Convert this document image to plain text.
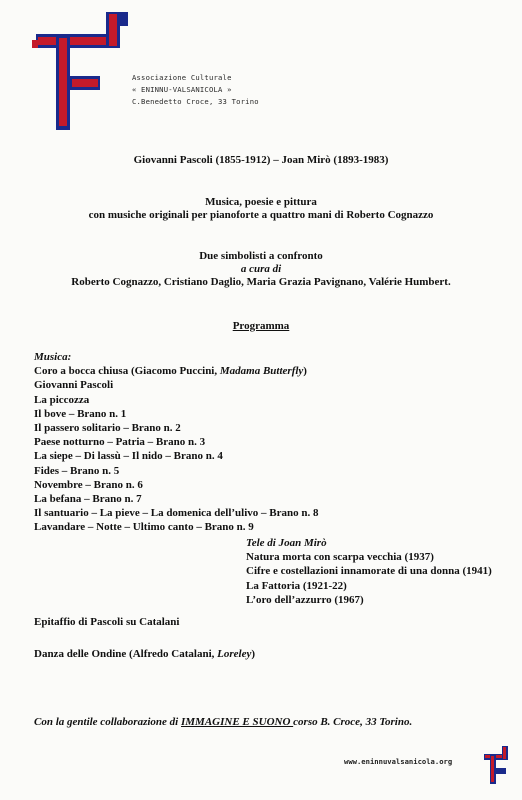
Associazione Culturale
« ENINNU-VALSANICOLA »
C.Benedetto Croce, 33 Torino
Giovanni Pascoli (1855-1912) – Joan Mirò (1893-1983)
Musica, poesie e pittura
con musiche originali per pianoforte a quattro mani di Roberto Cognazzo
Due simbolisti a confronto
a cura di
Roberto Cognazzo, Cristiano Daglio, Maria Grazia Pavignano, Valérie Humbert.
Programma
Musica:
Coro a bocca chiusa (Giacomo Puccini, Madama Butterfly)
Giovanni Pascoli
La piccozza
Il bove – Brano n. 1
Il passero solitario – Brano n. 2
Paese notturno – Patria – Brano n. 3
La siepe – Di lassù – Il nido – Brano n. 4
Fides – Brano n. 5
Novembre – Brano n. 6
La befana – Brano n. 7
Il santuario – La pieve – La domenica dell’ulivo – Brano n. 8
Lavandare – Notte – Ultimo canto – Brano n. 9
Tele di Joan Mirò
Natura morta con scarpa vecchia (1937)
Cifre e costellazioni innamorate di una donna (1941)
La Fattoria (1921-22)
L’oro dell’azzurro (1967)
Epitaffio di Pascoli su Catalani
Danza delle Ondine (Alfredo Catalani, Loreley)
Con la gentile collaborazione di IMMAGINE E SUONO corso B. Croce, 33 Torino.
www.eninnuvalsanicola.org
